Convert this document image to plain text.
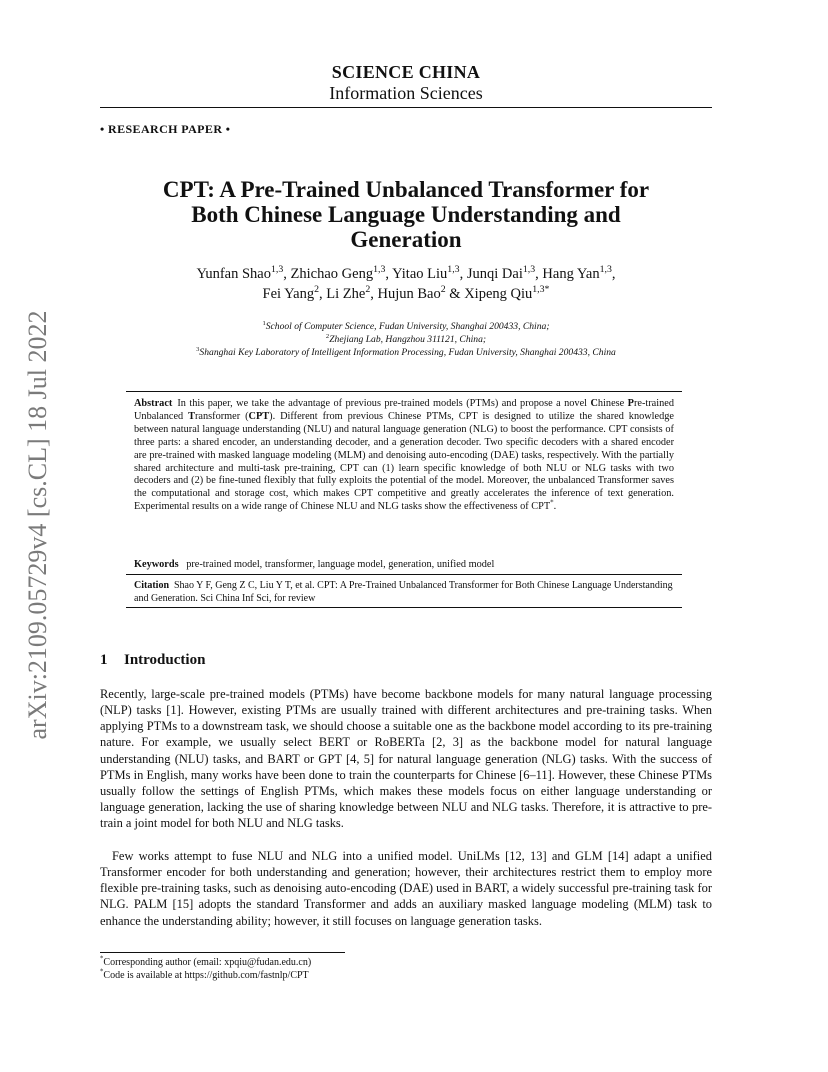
arXiv:2109.05729v4 [cs.CL] 18 Jul 2022
SCIENCE CHINA
Information Sciences
• RESEARCH PAPER •
CPT: A Pre-Trained Unbalanced Transformer for
Both Chinese Language Understanding and
Generation
Yunfan Shao$^{1,3}$, Zhichao Geng$^{1,3}$, Yitao Liu$^{1,3}$, Junqi Dai$^{1,3}$, Hang Yan$^{1,3}$,
Fei Yang$^2$, Li Zhe$^2$, Hujun Bao$^2$ & Xipeng Qiu$^{1,3*}$
$^1$School of Computer Science, Fudan University, Shanghai 200433, China;
$^2$Zhejiang Lab, Hangzhou 311121, China;
$^3$Shanghai Key Laboratory of Intelligent Information Processing, Fudan University, Shanghai 200433, China
Abstract In this paper, we take the advantage of previous pre-trained models (PTMs) and propose a novel Chinese Pre-trained Unbalanced Transformer (CPT). Different from previous Chinese PTMs, CPT is designed to utilize the shared knowledge between natural language understanding (NLU) and natural language generation (NLG) to boost the performance. CPT consists of three parts: a shared encoder, an understanding decoder, and a generation decoder. Two specific decoders with a shared encoder are pre-trained with masked language modeling (MLM) and denoising auto-encoding (DAE) tasks, respectively. With the partially shared architecture and multi-task pre-training, CPT can (1) learn specific knowledge of both NLU or NLG tasks with two decoders and (2) be fine-tuned flexibly that fully exploits the potential of the model. Moreover, the unbalanced Transformer saves the computational and storage cost, which makes CPT competitive and greatly accelerates the inference of text generation. Experimental results on a wide range of Chinese NLU and NLG tasks show the effectiveness of CPT*.
Keywords pre-trained model, transformer, language model, generation, unified model
Citation Shao Y F, Geng Z C, Liu Y T, et al. CPT: A Pre-Trained Unbalanced Transformer for Both Chinese Language Understanding and Generation. Sci China Inf Sci, for review
1 Introduction
Recently, large-scale pre-trained models (PTMs) have become backbone models for many natural language processing (NLP) tasks [1]. However, existing PTMs are usually trained with different architectures and pre-training tasks. When applying PTMs to a downstream task, we should choose a suitable one as the backbone model according to its pre-training nature. For example, we usually select BERT or RoBERTa [2, 3] as the backbone model for natural language understanding (NLU) tasks, and BART or GPT [4, 5] for natural language generation (NLG) tasks. With the success of PTMs in English, many works have been done to train the counterparts for Chinese [6–11]. However, these Chinese PTMs usually follow the settings of English PTMs, which makes these models focus on either language understanding or language generation, lacking the use of sharing knowledge between NLU and NLG tasks. Therefore, it is attractive to pre-train a joint model for both NLU and NLG tasks.
Few works attempt to fuse NLU and NLG into a unified model. UniLMs [12, 13] and GLM [14] adapt a unified Transformer encoder for both understanding and generation; however, their architectures restrict them to employ more flexible pre-training tasks, such as denoising auto-encoding (DAE) used in BART, a widely successful pre-training task for NLG. PALM [15] adopts the standard Transformer and adds an auxiliary masked language modeling (MLM) task to enhance the understanding ability; however, it still focuses on language generation tasks.
*Corresponding author (email: xpqiu@fudan.edu.cn)
*Code is available at https://github.com/fastnlp/CPT
